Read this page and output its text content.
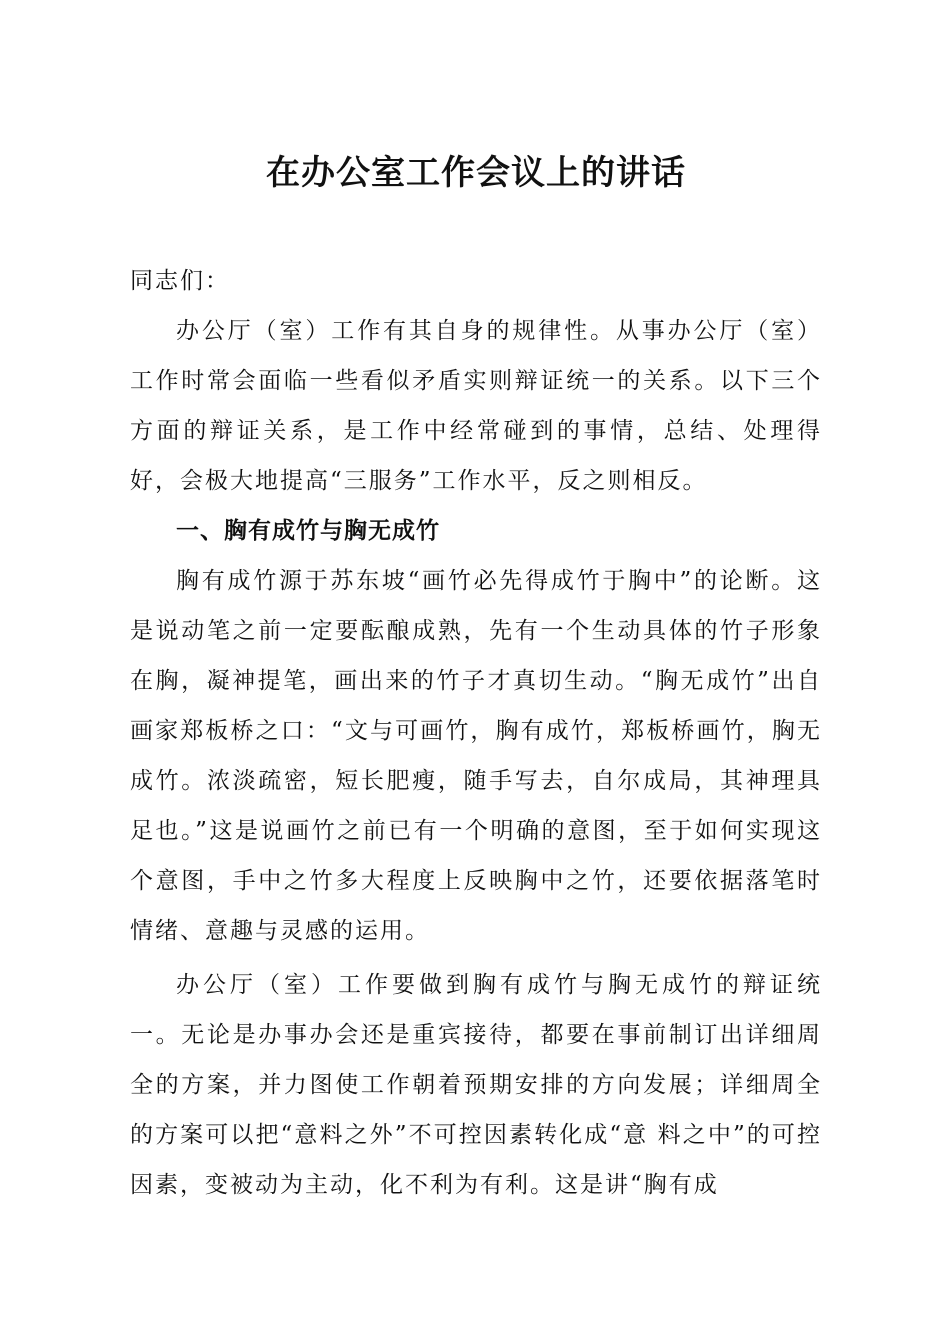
在办公室工作会议上的讲话

同志们：

办公厅（室）工作有其自身的规律性。从事办公厅（室）工作时常会面临一些看似矛盾实则辩证统一的关系。以下三个方面的辩证关系，是工作中经常碰到的事情，总结、处理得好，会极大地提高“三服务”工作水平，反之则相反。

一、胸有成竹与胸无成竹

胸有成竹源于苏东坡“画竹必先得成竹于胸中”的论断。这是说动笔之前一定要酝酿成熟，先有一个生动具体的竹子形象在胸，凝神提笔，画出来的竹子才真切生动。“胸无成竹”出自画家郑板桥之口：“文与可画竹，胸有成竹，郑板桥画竹，胸无成竹。浓淡疏密，短长肥瘦，随手写去，自尔成局，其神理具足也。”这是说画竹之前已有一个明确的意图，至于如何实现这个意图，手中之竹多大程度上反映胸中之竹，还要依据落笔时情绪、意趣与灵感的运用。

办公厅（室）工作要做到胸有成竹与胸无成竹的辩证统一。无论是办事办会还是重宾接待，都要在事前制订出详细周全的方案，并力图使工作朝着预期安排的方向发展；详细周全的方案可以把“意料之外”不可控因素转化成“意 料之中”的可控因素，变被动为主动，化不利为有利。这是讲“胸有成
